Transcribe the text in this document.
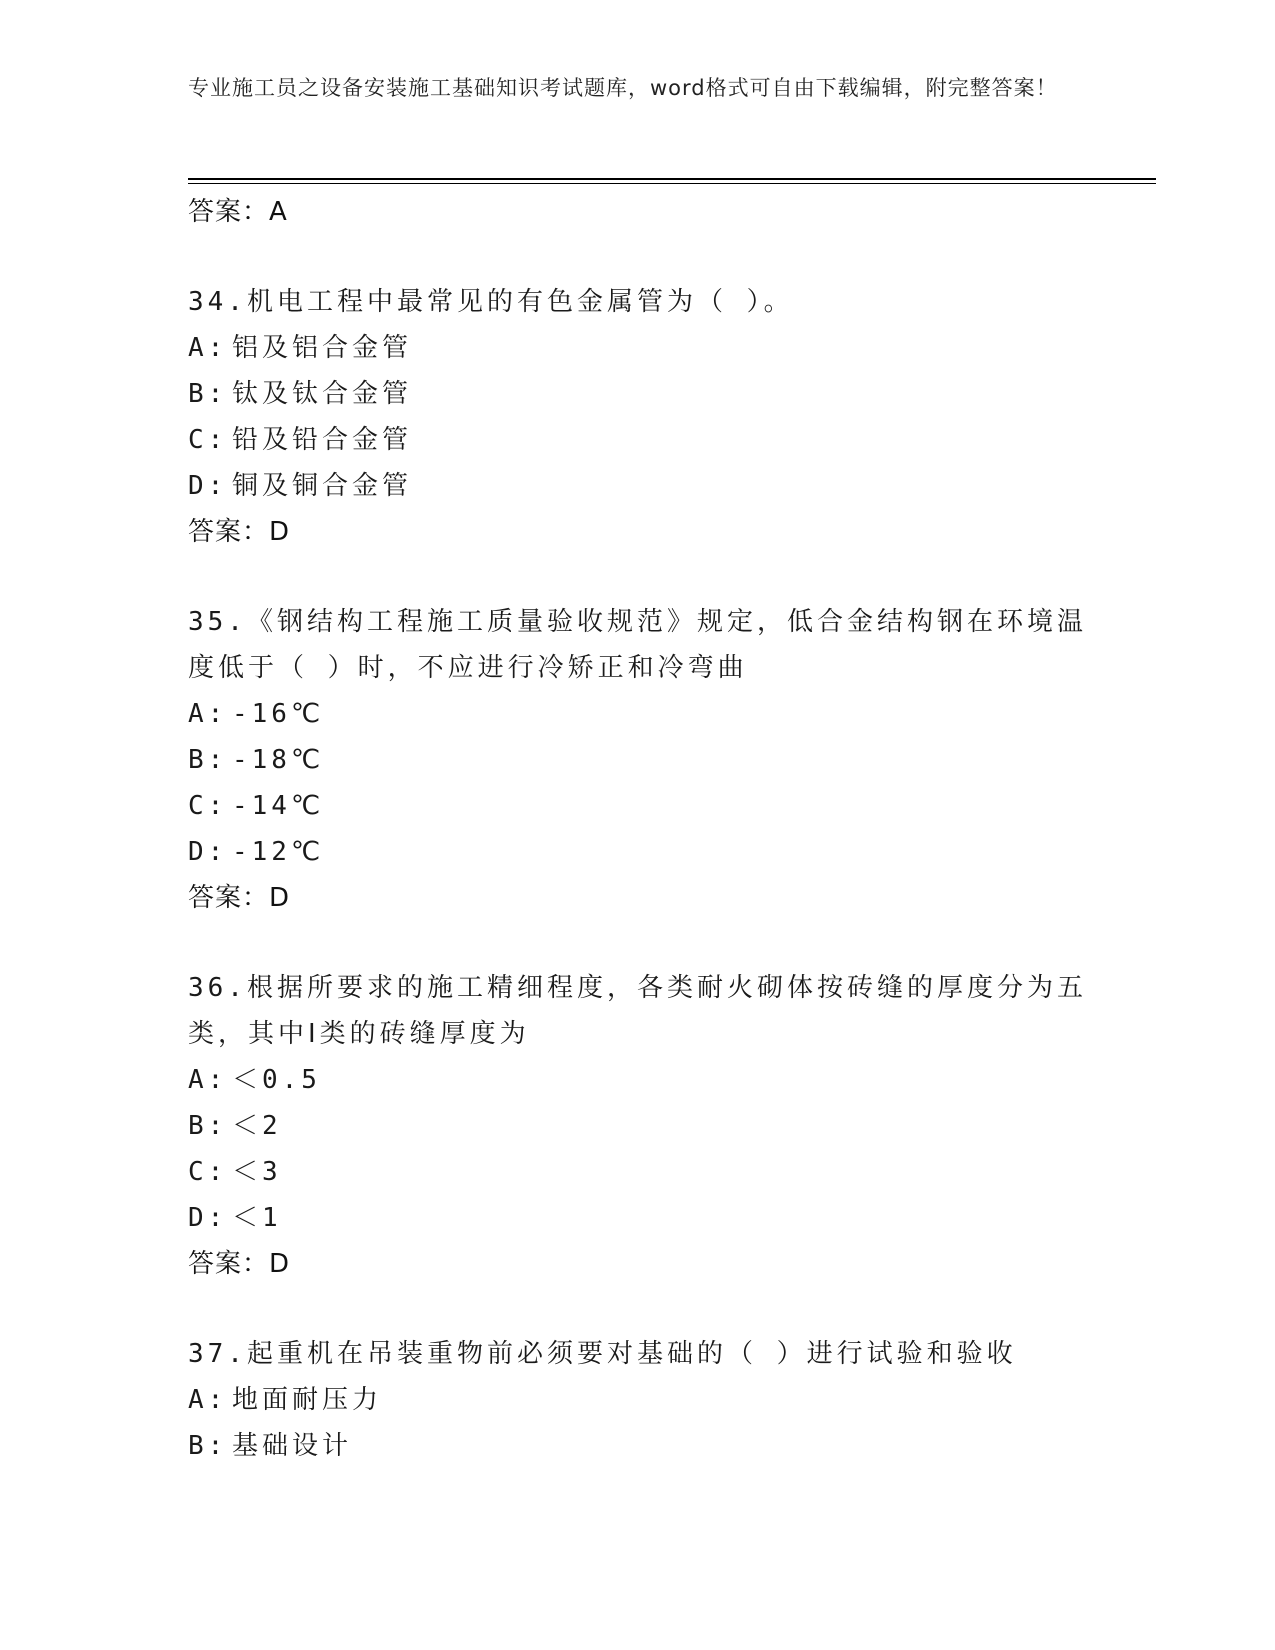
专业施工员之设备安装施工基础知识考试题库，word格式可自由下载编辑，附完整答案！
答案：A
34.机电工程中最常见的有色金属管为（ ）。
A: 铝及铝合金管
B: 钛及钛合金管
C: 铅及铅合金管
D: 铜及铜合金管
答案：D
35.《钢结构工程施工质量验收规范》规定，低合金结构钢在环境温度低于（ ）时，不应进行冷矫正和冷弯曲
A: -16℃
B: -18℃
C: -14℃
D: -12℃
答案：D
36.根据所要求的施工精细程度，各类耐火砌体按砖缝的厚度分为五类，其中Ⅰ类的砖缝厚度为
A: ＜0.5
B: ＜2
C: ＜3
D: ＜1
答案：D
37.起重机在吊装重物前必须要对基础的（ ）进行试验和验收
A: 地面耐压力
B: 基础设计
